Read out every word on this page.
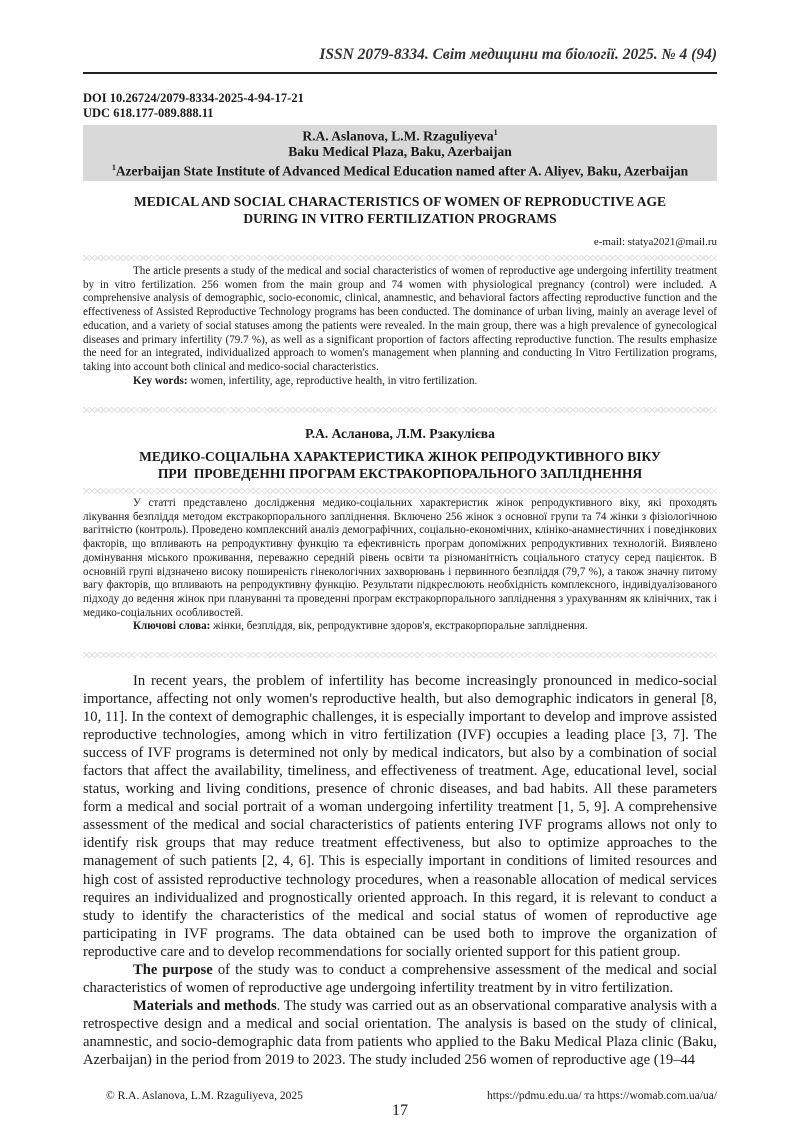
ISSN 2079-8334. Світ медицини та біології. 2025. № 4 (94)
DOI 10.26724/2079-8334-2025-4-94-17-21
UDC 618.177-089.888.11
R.A. Aslanova, L.M. Rzaguliyeva$^1$
Baku Medical Plaza, Baku, Azerbaijan
$^1$Azerbaijan State Institute of Advanced Medical Education named after A. Aliyev, Baku, Azerbaijan
MEDICAL AND SOCIAL CHARACTERISTICS OF WOMEN OF REPRODUCTIVE AGE
DURING IN VITRO FERTILIZATION PROGRAMS
e-mail: statya2021@mail.ru

The article presents a study of the medical and social characteristics of women of reproductive age undergoing infertility treatment by in vitro fertilization. 256 women from the main group and 74 women with physiological pregnancy (control) were included. A comprehensive analysis of demographic, socio-economic, clinical, anamnestic, and behavioral factors affecting reproductive function and the effectiveness of Assisted Reproductive Technology programs has been conducted. The dominance of urban living, mainly an average level of education, and a variety of social statuses among the patients were revealed. In the main group, there was a high prevalence of gynecological diseases and primary infertility (79.7 %), as well as a significant proportion of factors affecting reproductive function. The results emphasize the need for an integrated, individualized approach to women's management when planning and conducting In Vitro Fertilization programs, taking into account both clinical and medico-social characteristics.

Key words: women, infertility, age, reproductive health, in vitro fertilization.

Р.А. Асланова, Л.М. Рзакулієва
МЕДИКО-СОЦІАЛЬНА ХАРАКТЕРИСТИКА ЖІНОК РЕПРОДУКТИВНОГО ВІКУ
ПРИ  ПРОВЕДЕННІ ПРОГРАМ ЕКСТРАКОРПОРАЛЬНОГО ЗАПЛІДНЕННЯ

У статті представлено дослідження медико-соціальних характеристик жінок репродуктивного віку, які проходять лікування безпліддя методом екстракорпорального запліднення. Включено 256 жінок з основної групи та 74 жінки з фізіологічною вагітністю (контроль). Проведено комплексний аналіз демографічних, соціально-економічних, клініко-анамнестичних і поведінкових факторів, що впливають на репродуктивну функцію та ефективність програм допоміжних репродуктивних технологій. Виявлено домінування міського проживання, переважно середній рівень освіти та різноманітність соціального статусу серед пацієнток. В основній групі відзначено високу поширеність гінекологічних захворювань і первинного безпліддя (79,7 %), а також значну питому вагу факторів, що впливають на репродуктивну функцію. Результати підкреслюють необхідність комплексного, індивідуалізованого підходу до ведення жінок при плануванні та проведенні програм екстракорпорального запліднення з урахуванням як клінічних, так і медико-соціальних особливостей.

Ключові слова: жінки, безпліддя, вік, репродуктивне здоров'я, екстракорпоральне запліднення.

In recent years, the problem of infertility has become increasingly pronounced in medico-social importance, affecting not only women's reproductive health, but also demographic indicators in general [8, 10, 11]. In the context of demographic challenges, it is especially important to develop and improve assisted reproductive technologies, among which in vitro fertilization (IVF) occupies a leading place [3, 7]. The success of IVF programs is determined not only by medical indicators, but also by a combination of social factors that affect the availability, timeliness, and effectiveness of treatment. Age, educational level, social status, working and living conditions, presence of chronic diseases, and bad habits. All these parameters form a medical and social portrait of a woman undergoing infertility treatment [1, 5, 9]. A comprehensive assessment of the medical and social characteristics of patients entering IVF programs allows not only to identify risk groups that may reduce treatment effectiveness, but also to optimize approaches to the management of such patients [2, 4, 6]. This is especially important in conditions of limited resources and high cost of assisted reproductive technology procedures, when a reasonable allocation of medical services requires an individualized and prognostically oriented approach. In this regard, it is relevant to conduct a study to identify the characteristics of the medical and social status of women of reproductive age participating in IVF programs. The data obtained can be used both to improve the organization of reproductive care and to develop recommendations for socially oriented support for this patient group.

The purpose of the study was to conduct a comprehensive assessment of the medical and social characteristics of women of reproductive age undergoing infertility treatment by in vitro fertilization.

Materials and methods. The study was carried out as an observational comparative analysis with a retrospective design and a medical and social orientation. The analysis is based on the study of clinical, anamnestic, and socio-demographic data from patients who applied to the Baku Medical Plaza clinic (Baku, Azerbaijan) in the period from 2019 to 2023. The study included 256 women of reproductive age (19–44

© R.A. Aslanova, L.M. Rzaguliyeva, 2025	https://pdmu.edu.ua/ та https://womab.com.ua/ua/
17
